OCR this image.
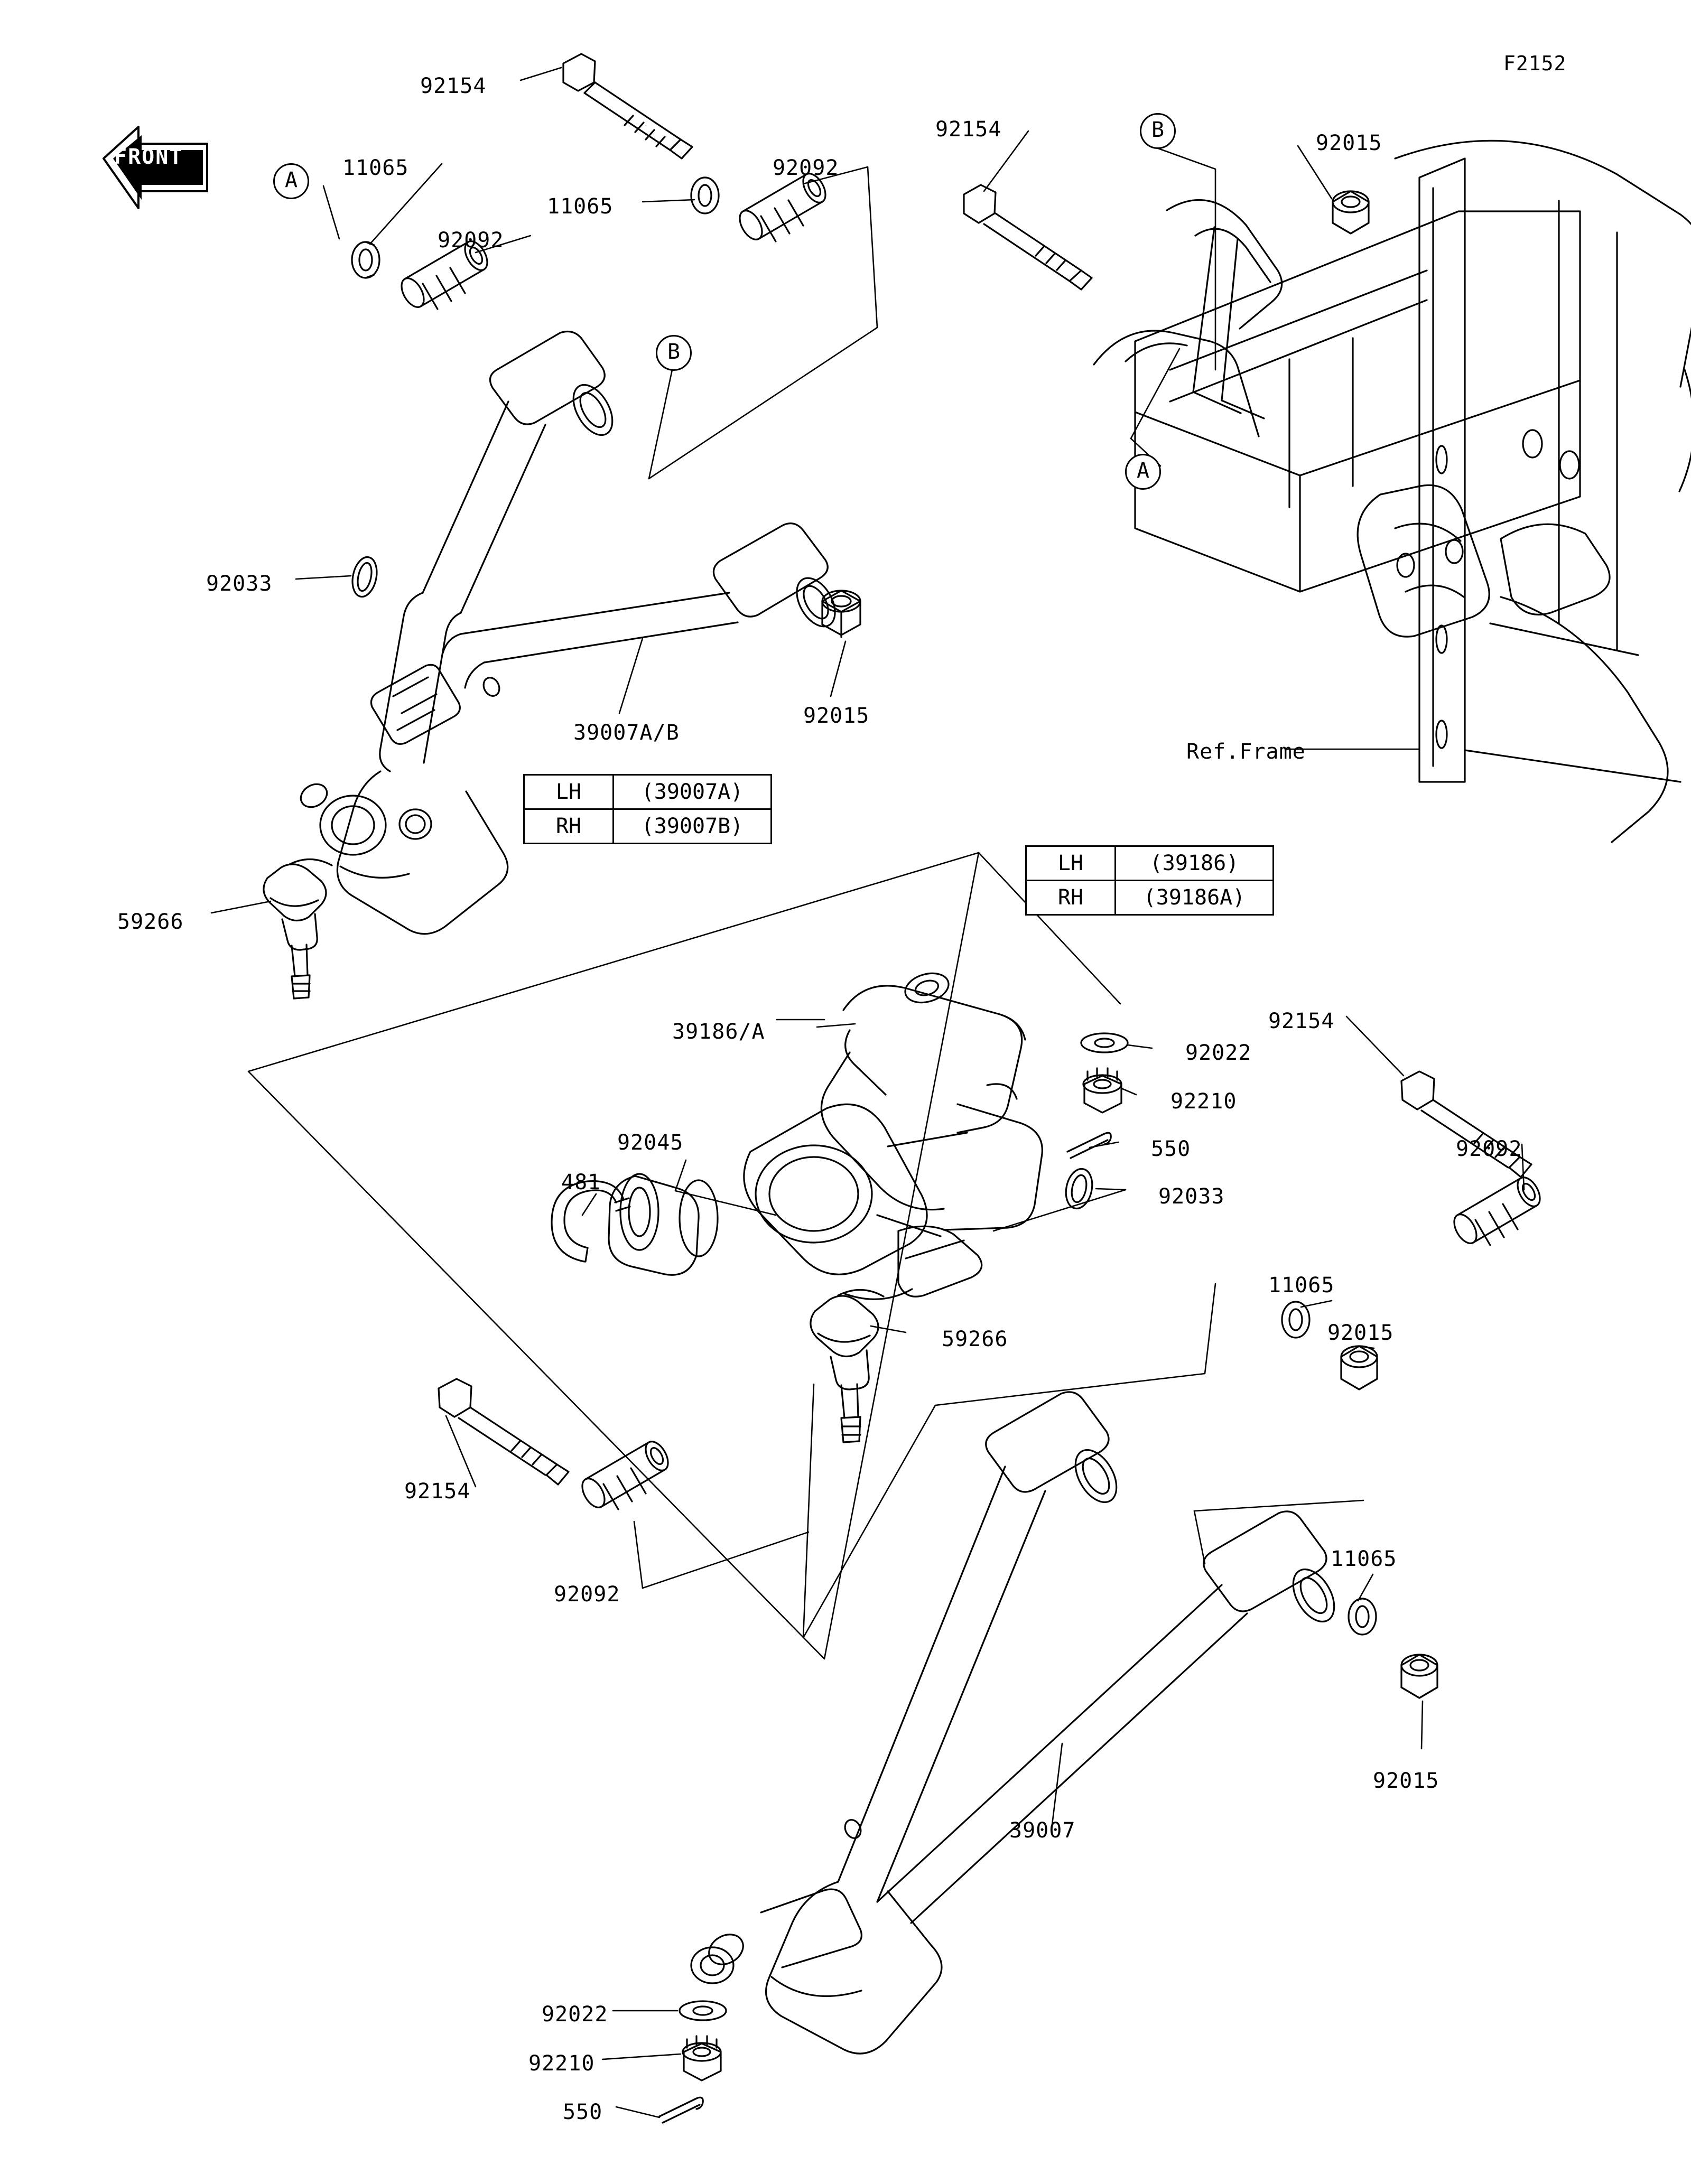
F2152
FRONT
A
B
B
A
LH	(39007A)
RH	(39007B)
LH	(39186)
RH	(39186A)
92154
11065
11065
92092
92092
92154
92015
92033
39007A/B
92015
59266
Ref.Frame
39186/A
92022
92210
550
92154
92092
92045
481
92033
11065
92015
59266
92154
92092
11065
92015
39007
92022
92210
550
